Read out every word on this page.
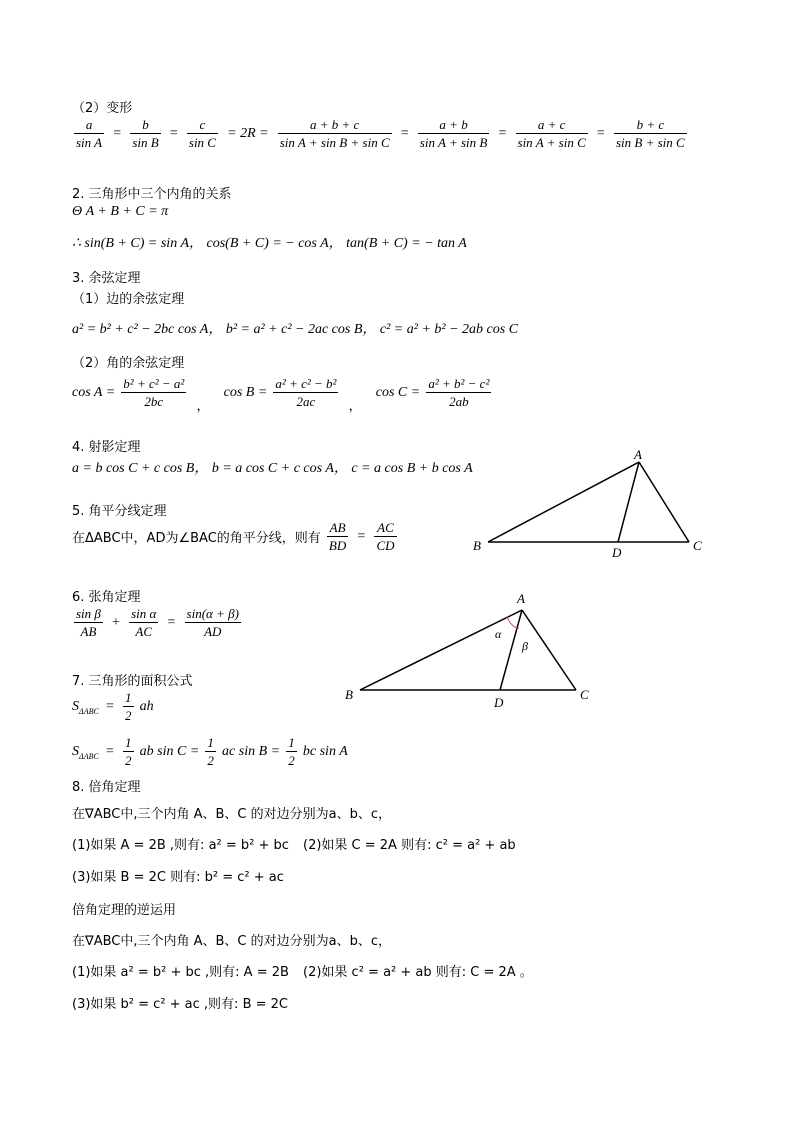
（2）变形
$\frac{a}{\text{sin A}} = \frac{b}{\text{sin B}} = \frac{c}{\text{sin C}} = 2R = \frac{a + b + c}{\text{sin A + sin B + sin C}} = \frac{a + b}{\text{sin A + sin B}} = \frac{a + c}{\text{sin A + sin C}} = \frac{b + c}{\text{sin B + sin C}}$
2. 三角形中三个内角的关系
Θ A + B + C = π
∴ sin(B + C) = sin A， cos(B + C) = − cos A， tan(B + C) = − tan A
3. 余弦定理
（1）边的余弦定理
a² = b² + c² − 2bc cos A， b² = a² + c² − 2ac cos B， c² = a² + b² − 2ab cos C
（2）角的余弦定理
$\cos A = \frac{\text{b² + c² − a²}}{2bc}$ ， $\cos B = \frac{\text{a² + c² − b²}}{2ac}$ ， $\cos C = \frac{\text{a² + b² − c²}}{2ab}$
4. 射影定理
a = b cos C + c cos B， b = a cos C + c cos A， c = a cos B + b cos A
A
B	C
D
5. 角平分线定理
在ΔABC中，AD为∠BAC的角平分线，则有 $\frac{AB}{BD} = \frac{AC}{CD}$
6. 张角定理
$\frac{\text{sin β}}{AB} + \frac{\text{sin α}}{AC} = \frac{\sin(\alpha + \beta)}{AD}$
A
B	C
D
α
β
7. 三角形的面积公式
$S_{\Delta ABC} = \frac{1}{2}$ ah
$S_{\Delta ABC} = \frac{1}{2}$ ab $\sin C = \frac{1}{2}$ ac $\sin B = \frac{1}{2}$ bc sin A
8. 倍角定理
在∇ABC中,三个内角 A、B、C 的对边分别为a、b、c，
(1)如果 A = 2B ,则有: a² = b² + bc (2)如果 C = 2A 则有: c² = a² + ab
(3)如果 B = 2C 则有: b² = c² + ac
倍角定理的逆运用
在∇ABC中,三个内角 A、B、C 的对边分别为a、b、c，
(1)如果 a² = b² + bc ,则有: A = 2B (2)如果 c² = a² + ab 则有: C = 2A 。
(3)如果 b² = c² + ac ,则有: B = 2C
